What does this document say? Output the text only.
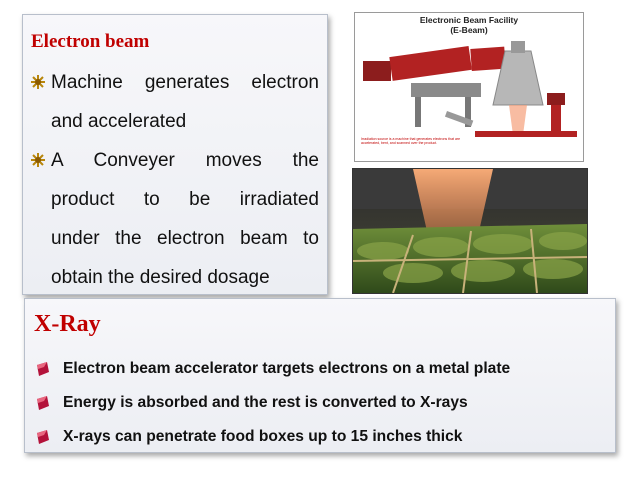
Electron beam
Machine generates electron
and accelerated
A Conveyer moves the
product to be irradiated
under the electron beam to
obtain the desired dosage
Electronic Beam Facility
(E-Beam)
Irradiation source is a machine that generates electrons that are accelerated, bent, and scanned over the product.
X-Ray
Electron beam accelerator targets electrons on a metal plate
Energy is absorbed and the rest is converted to X-rays
X-rays can penetrate food boxes up to 15 inches thick
